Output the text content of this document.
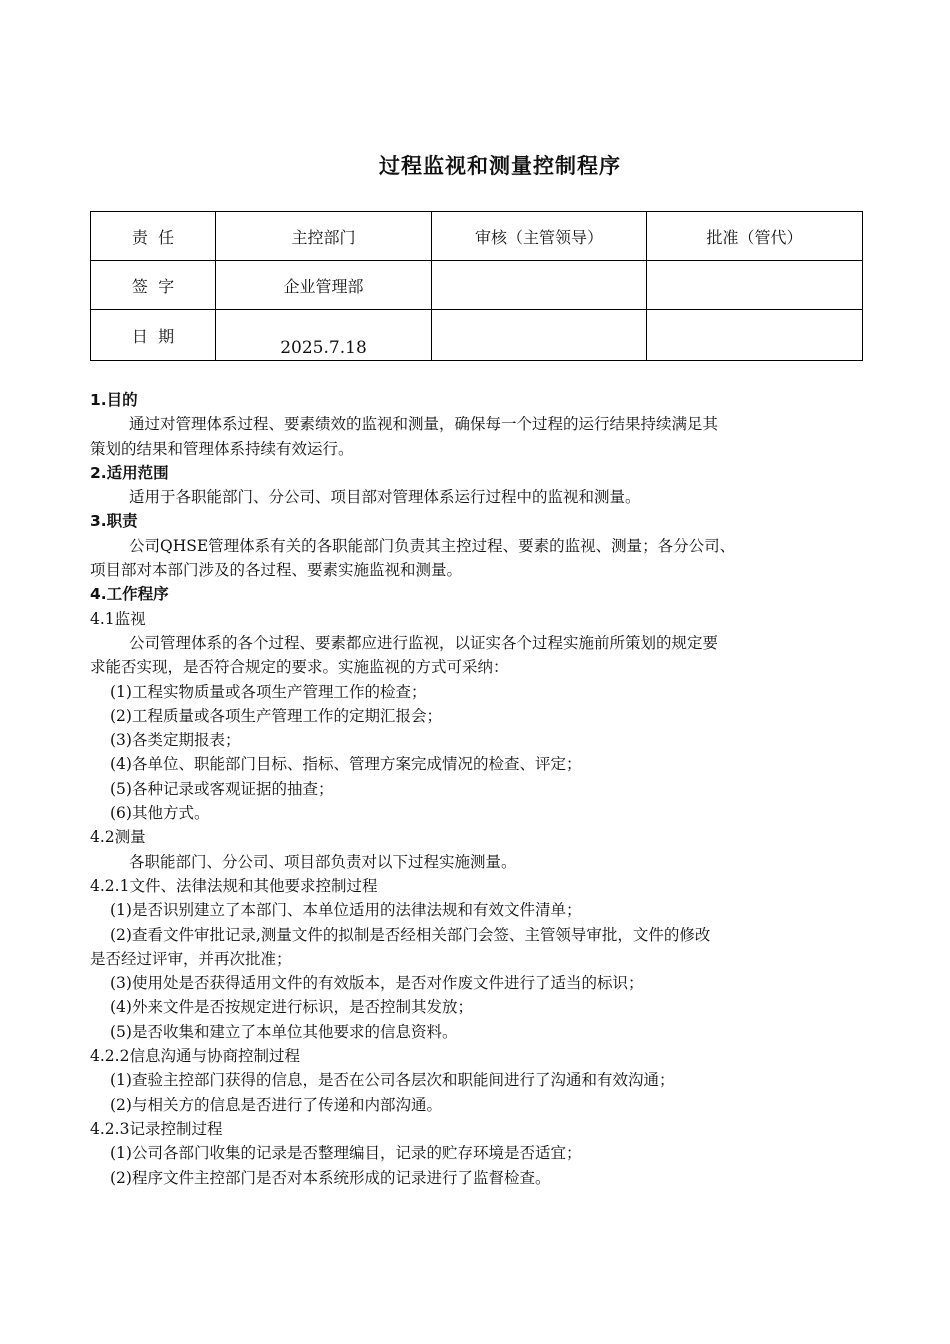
过程监视和测量控制程序
责  任	主控部门	审核（主管领导）	批准（管代）
签  字	企业管理部		
日  期	2025.7.18		
1.目的
通过对管理体系过程、要素绩效的监视和测量，确保每一个过程的运行结果持续满足其
策划的结果和管理体系持续有效运行。
2.适用范围
适用于各职能部门、分公司、项目部对管理体系运行过程中的监视和测量。
3.职责
公司QHSE管理体系有关的各职能部门负责其主控过程、要素的监视、测量；各分公司、
项目部对本部门涉及的各过程、要素实施监视和测量。
4.工作程序
4.1监视
公司管理体系的各个过程、要素都应进行监视，以证实各个过程实施前所策划的规定要
求能否实现，是否符合规定的要求。实施监视的方式可采纳：
(1)工程实物质量或各项生产管理工作的检查；
(2)工程质量或各项生产管理工作的定期汇报会；
(3)各类定期报表；
(4)各单位、职能部门目标、指标、管理方案完成情况的检查、评定；
(5)各种记录或客观证据的抽查；
(6)其他方式。
4.2测量
各职能部门、分公司、项目部负责对以下过程实施测量。
4.2.1文件、法律法规和其他要求控制过程
(1)是否识别建立了本部门、本单位适用的法律法规和有效文件清单；
(2)查看文件审批记录,测量文件的拟制是否经相关部门会签、主管领导审批，文件的修改
是否经过评审，并再次批准；
(3)使用处是否获得适用文件的有效版本，是否对作废文件进行了适当的标识；
(4)外来文件是否按规定进行标识，是否控制其发放；
(5)是否收集和建立了本单位其他要求的信息资料。
4.2.2信息沟通与协商控制过程
(1)查验主控部门获得的信息，是否在公司各层次和职能间进行了沟通和有效沟通；
(2)与相关方的信息是否进行了传递和内部沟通。
4.2.3记录控制过程
(1)公司各部门收集的记录是否整理编目，记录的贮存环境是否适宜；
(2)程序文件主控部门是否对本系统形成的记录进行了监督检查。
